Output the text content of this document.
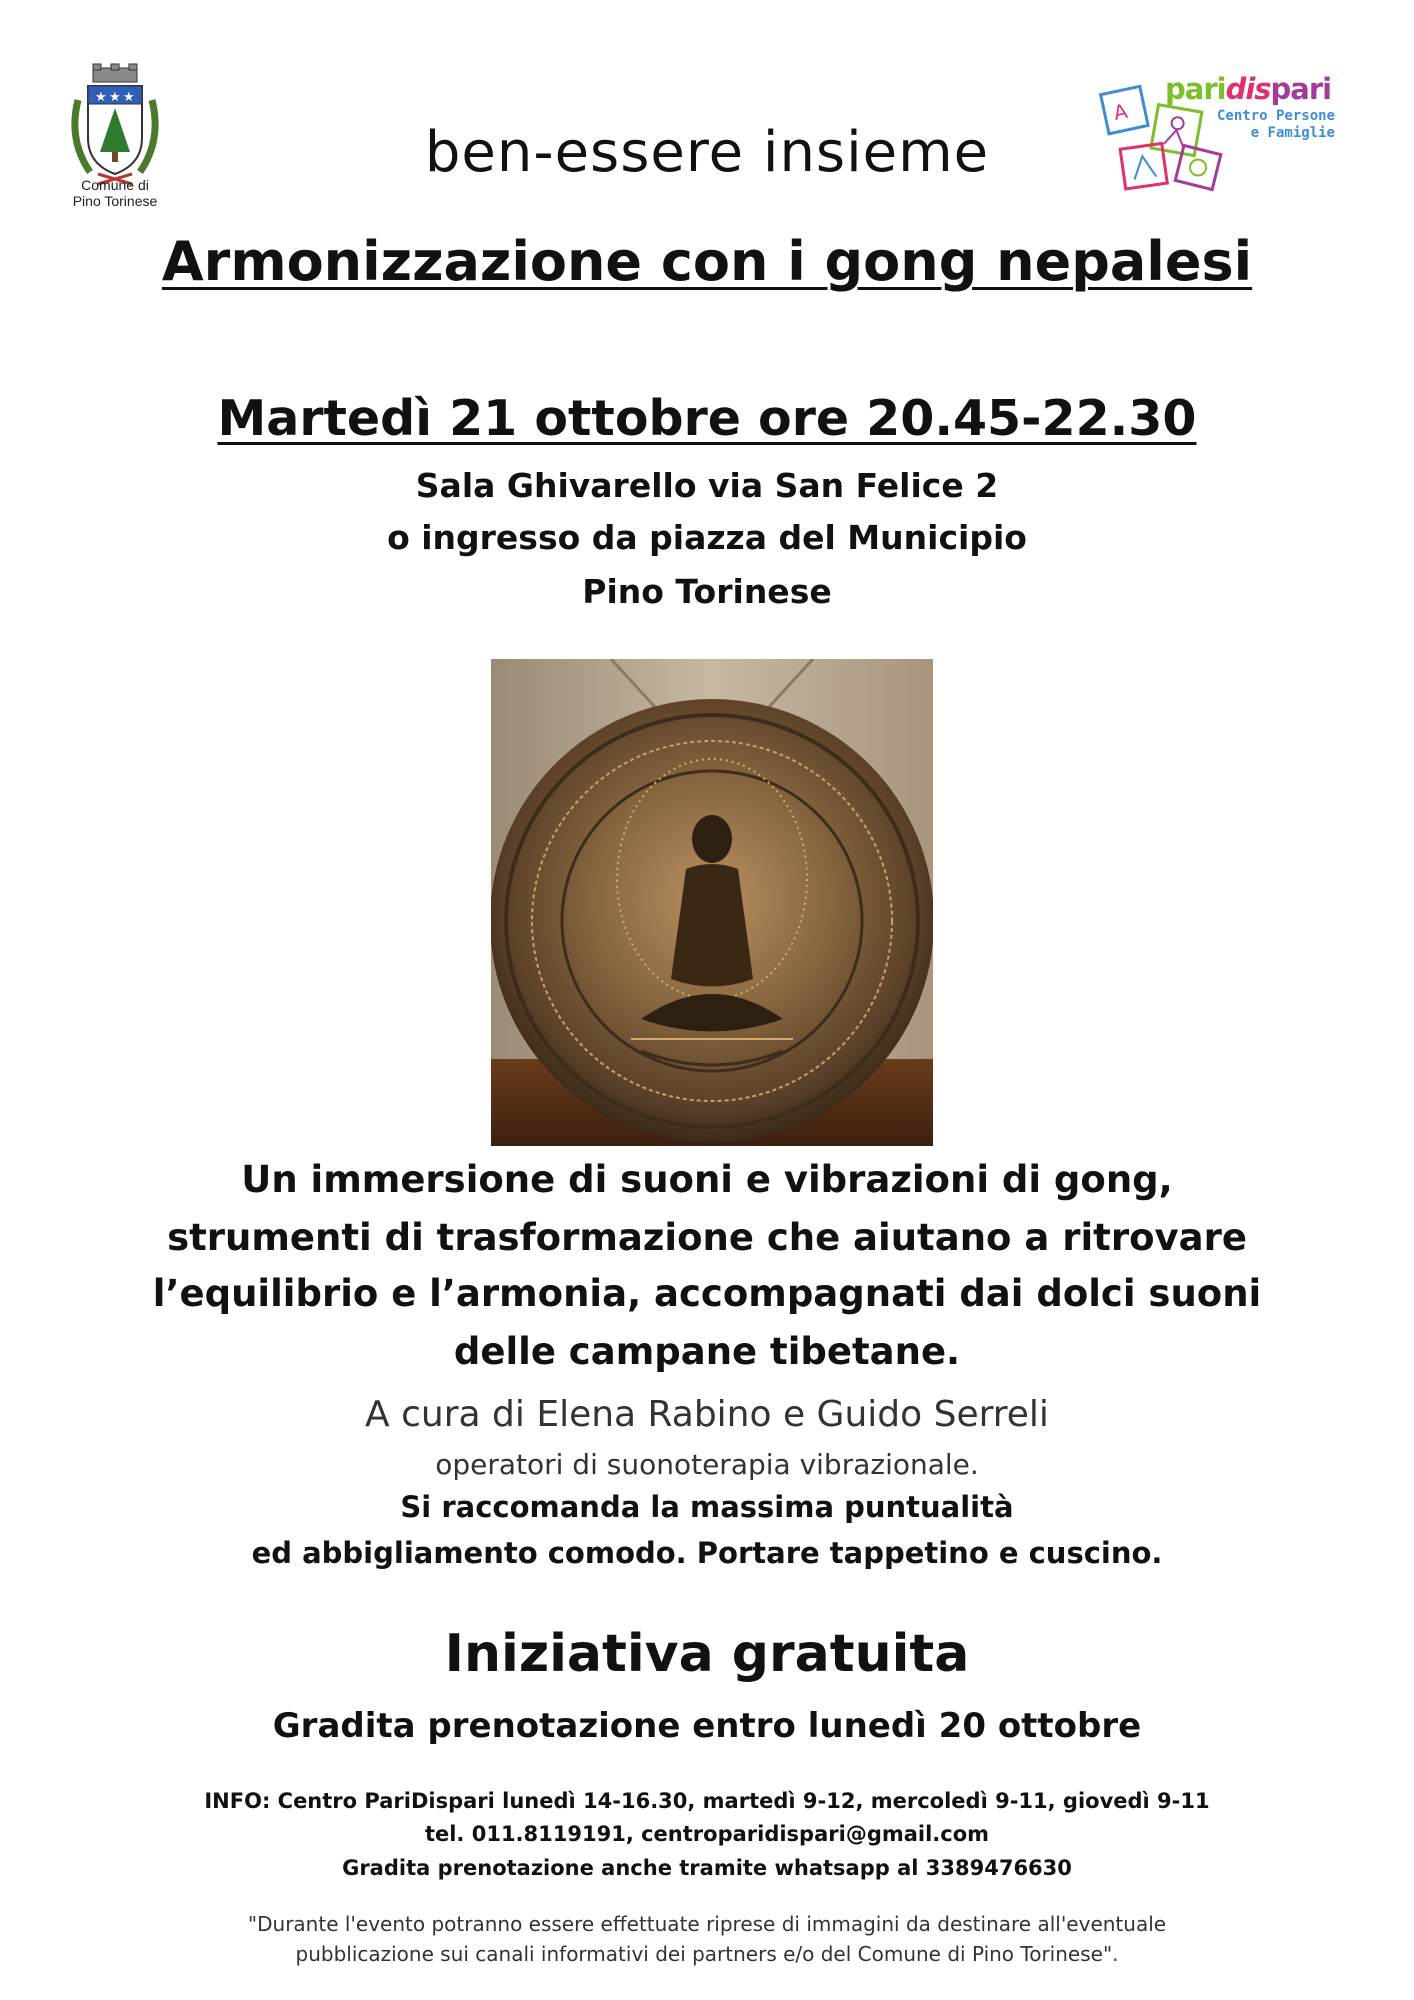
★ ★ ★
Comune di
Pino Torinese
A
paridispari
Centro Persone
e Famiglie
ben-essere insieme
Armonizzazione con i gong nepalesi
Martedì 21 ottobre ore 20.45-22.30
Sala Ghivarello via San Felice 2
o ingresso da piazza del Municipio
Pino Torinese
Un immersione di suoni e vibrazioni di gong,
strumenti di trasformazione che aiutano a ritrovare
l’equilibrio e l’armonia, accompagnati dai dolci suoni
delle campane tibetane.
A cura di Elena Rabino e Guido Serreli
operatori di suonoterapia vibrazionale.
Si raccomanda la massima puntualità
ed abbigliamento comodo. Portare tappetino e cuscino.
Iniziativa gratuita
Gradita prenotazione entro lunedì 20 ottobre
INFO: Centro PariDispari lunedì 14-16.30, martedì 9-12, mercoledì 9-11, giovedì 9-11
tel. 011.8119191, centroparidispari@gmail.com
Gradita prenotazione anche tramite whatsapp al 3389476630
"Durante l'evento potranno essere effettuate riprese di immagini da destinare all'eventuale
pubblicazione sui canali informativi dei partners e/o del Comune di Pino Torinese".
